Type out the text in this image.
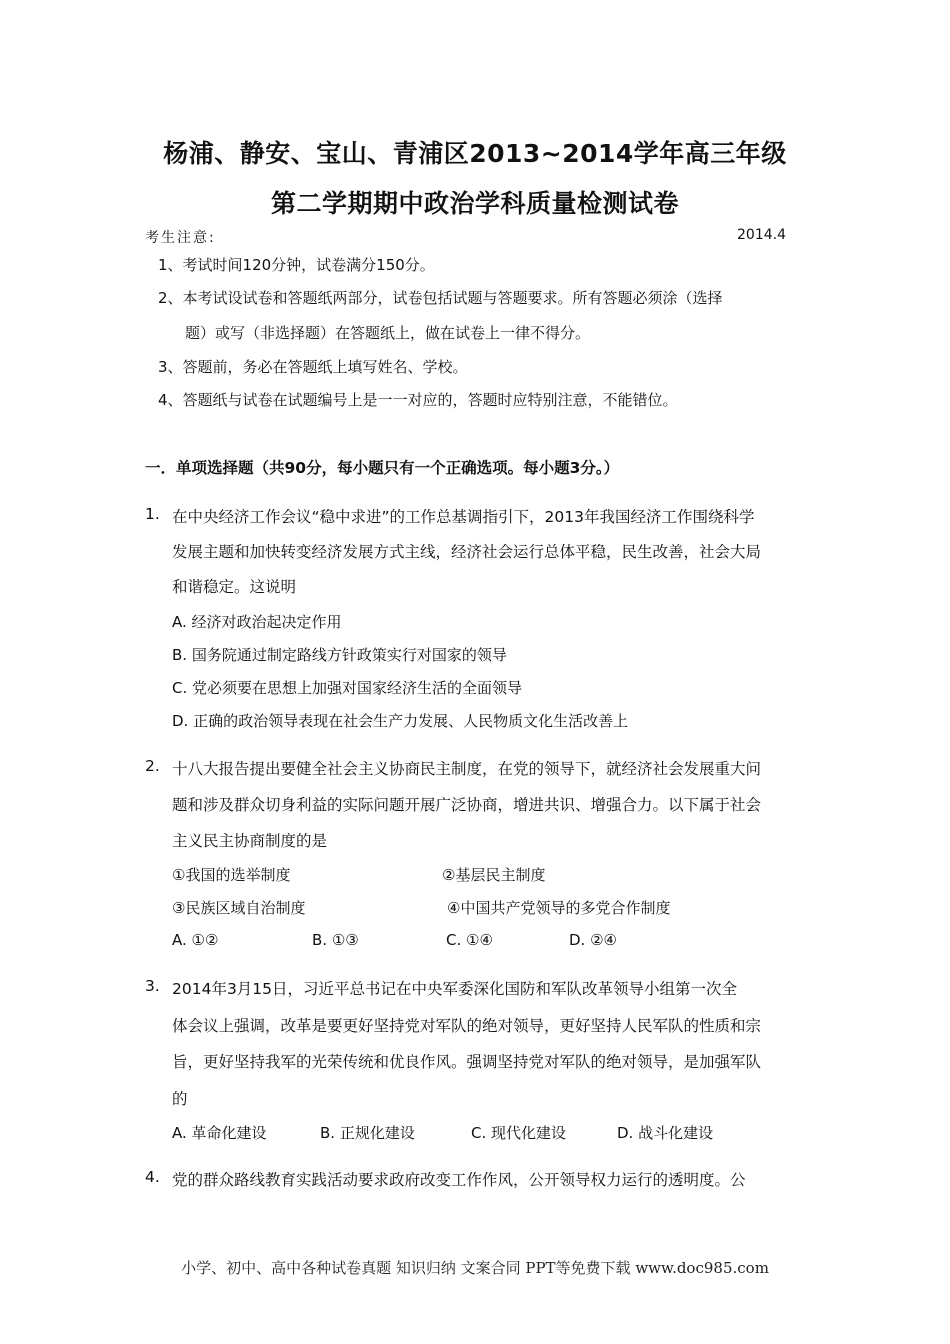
杨浦、静安、宝山、青浦区2013~2014学年高三年级
第二学期期中政治学科质量检测试卷
考生注意:	2014.4
1、考试时间120分钟，试卷满分150分。
2、本考试设试卷和答题纸两部分，试卷包括试题与答题要求。所有答题必须涂（选择
题）或写（非选择题）在答题纸上，做在试卷上一律不得分。
3、答题前，务必在答题纸上填写姓名、学校。
4、答题纸与试卷在试题编号上是一一对应的，答题时应特别注意，不能错位。
一．单项选择题（共90分，每小题只有一个正确选项。每小题3分。）
1. 在中央经济工作会议“稳中求进”的工作总基调指引下，2013年我国经济工作围绕科学
发展主题和加快转变经济发展方式主线，经济社会运行总体平稳，民生改善，社会大局
和谐稳定。这说明
A. 经济对政治起决定作用
B. 国务院通过制定路线方针政策实行对国家的领导
C. 党必须要在思想上加强对国家经济生活的全面领导
D. 正确的政治领导表现在社会生产力发展、人民物质文化生活改善上
2. 十八大报告提出要健全社会主义协商民主制度，在党的领导下，就经济社会发展重大问
题和涉及群众切身利益的实际问题开展广泛协商，增进共识、增强合力。以下属于社会
主义民主协商制度的是
①我国的选举制度	②基层民主制度
③民族区域自治制度	④中国共产党领导的多党合作制度
A. ①②	B. ①③	C. ①④	D. ②④
3. 2014年3月15日，习近平总书记在中央军委深化国防和军队改革领导小组第一次全
体会议上强调，改革是要更好坚持党对军队的绝对领导，更好坚持人民军队的性质和宗
旨，更好坚持我军的光荣传统和优良作风。强调坚持党对军队的绝对领导，是加强军队
的
A. 革命化建设	B. 正规化建设	C. 现代化建设	D. 战斗化建设
4. 党的群众路线教育实践活动要求政府改变工作作风，公开领导权力运行的透明度。公
小学、初中、高中各种试卷真题 知识归纳 文案合同 PPT等免费下载 www.doc985.com
